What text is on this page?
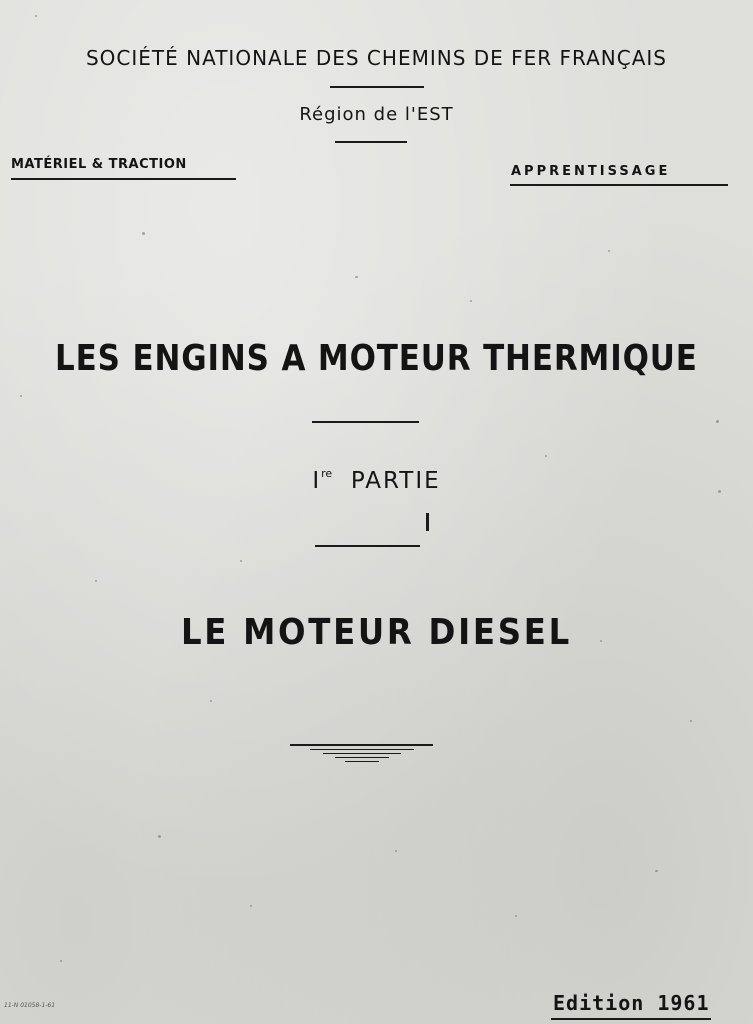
SOCIÉTÉ NATIONALE DES CHEMINS DE FER FRANÇAIS
Région de l'EST
MATÉRIEL & TRACTION	APPRENTISSAGE
LES ENGINS A MOTEUR THERMIQUE
Ire PARTIE
LE MOTEUR DIESEL
11-N 01058-1-61	Edition 1961
